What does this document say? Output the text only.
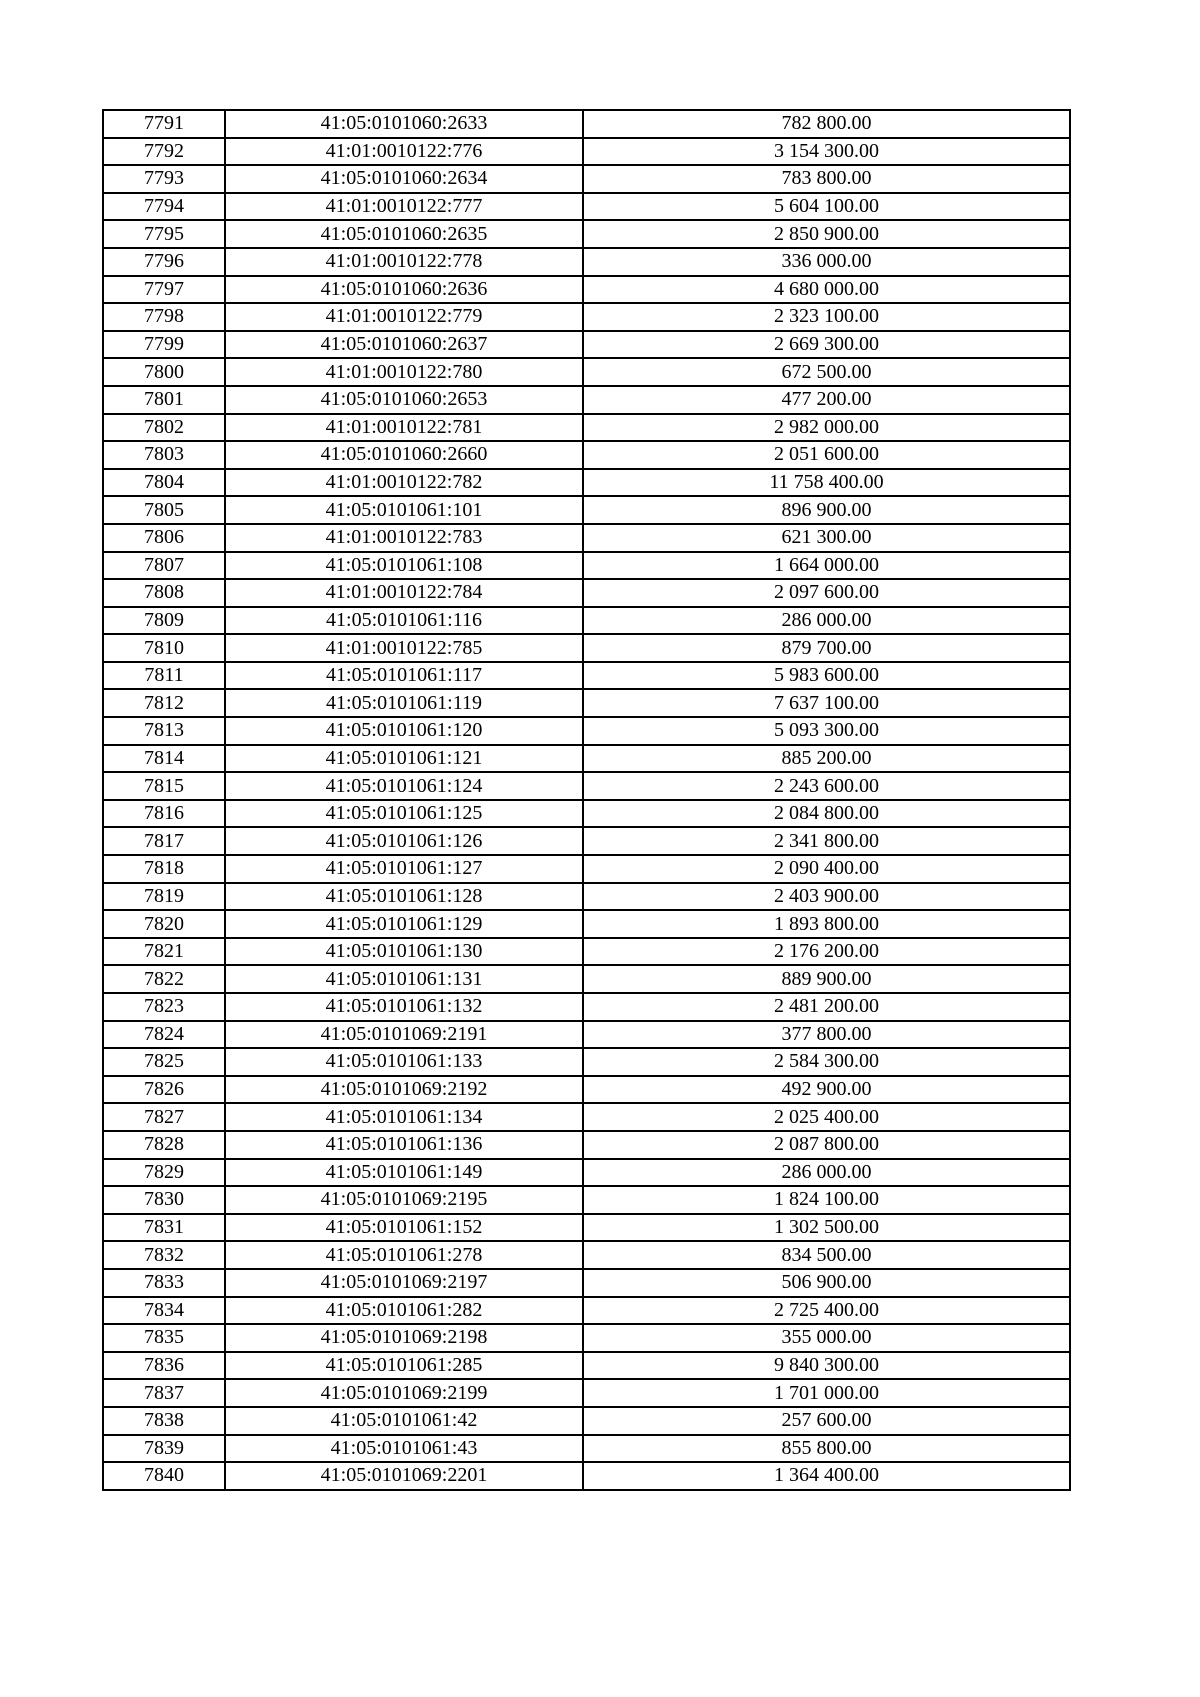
7791	41:05:0101060:2633	782 800.00
7792	41:01:0010122:776	3 154 300.00
7793	41:05:0101060:2634	783 800.00
7794	41:01:0010122:777	5 604 100.00
7795	41:05:0101060:2635	2 850 900.00
7796	41:01:0010122:778	336 000.00
7797	41:05:0101060:2636	4 680 000.00
7798	41:01:0010122:779	2 323 100.00
7799	41:05:0101060:2637	2 669 300.00
7800	41:01:0010122:780	672 500.00
7801	41:05:0101060:2653	477 200.00
7802	41:01:0010122:781	2 982 000.00
7803	41:05:0101060:2660	2 051 600.00
7804	41:01:0010122:782	11 758 400.00
7805	41:05:0101061:101	896 900.00
7806	41:01:0010122:783	621 300.00
7807	41:05:0101061:108	1 664 000.00
7808	41:01:0010122:784	2 097 600.00
7809	41:05:0101061:116	286 000.00
7810	41:01:0010122:785	879 700.00
7811	41:05:0101061:117	5 983 600.00
7812	41:05:0101061:119	7 637 100.00
7813	41:05:0101061:120	5 093 300.00
7814	41:05:0101061:121	885 200.00
7815	41:05:0101061:124	2 243 600.00
7816	41:05:0101061:125	2 084 800.00
7817	41:05:0101061:126	2 341 800.00
7818	41:05:0101061:127	2 090 400.00
7819	41:05:0101061:128	2 403 900.00
7820	41:05:0101061:129	1 893 800.00
7821	41:05:0101061:130	2 176 200.00
7822	41:05:0101061:131	889 900.00
7823	41:05:0101061:132	2 481 200.00
7824	41:05:0101069:2191	377 800.00
7825	41:05:0101061:133	2 584 300.00
7826	41:05:0101069:2192	492 900.00
7827	41:05:0101061:134	2 025 400.00
7828	41:05:0101061:136	2 087 800.00
7829	41:05:0101061:149	286 000.00
7830	41:05:0101069:2195	1 824 100.00
7831	41:05:0101061:152	1 302 500.00
7832	41:05:0101061:278	834 500.00
7833	41:05:0101069:2197	506 900.00
7834	41:05:0101061:282	2 725 400.00
7835	41:05:0101069:2198	355 000.00
7836	41:05:0101061:285	9 840 300.00
7837	41:05:0101069:2199	1 701 000.00
7838	41:05:0101061:42	257 600.00
7839	41:05:0101061:43	855 800.00
7840	41:05:0101069:2201	1 364 400.00
